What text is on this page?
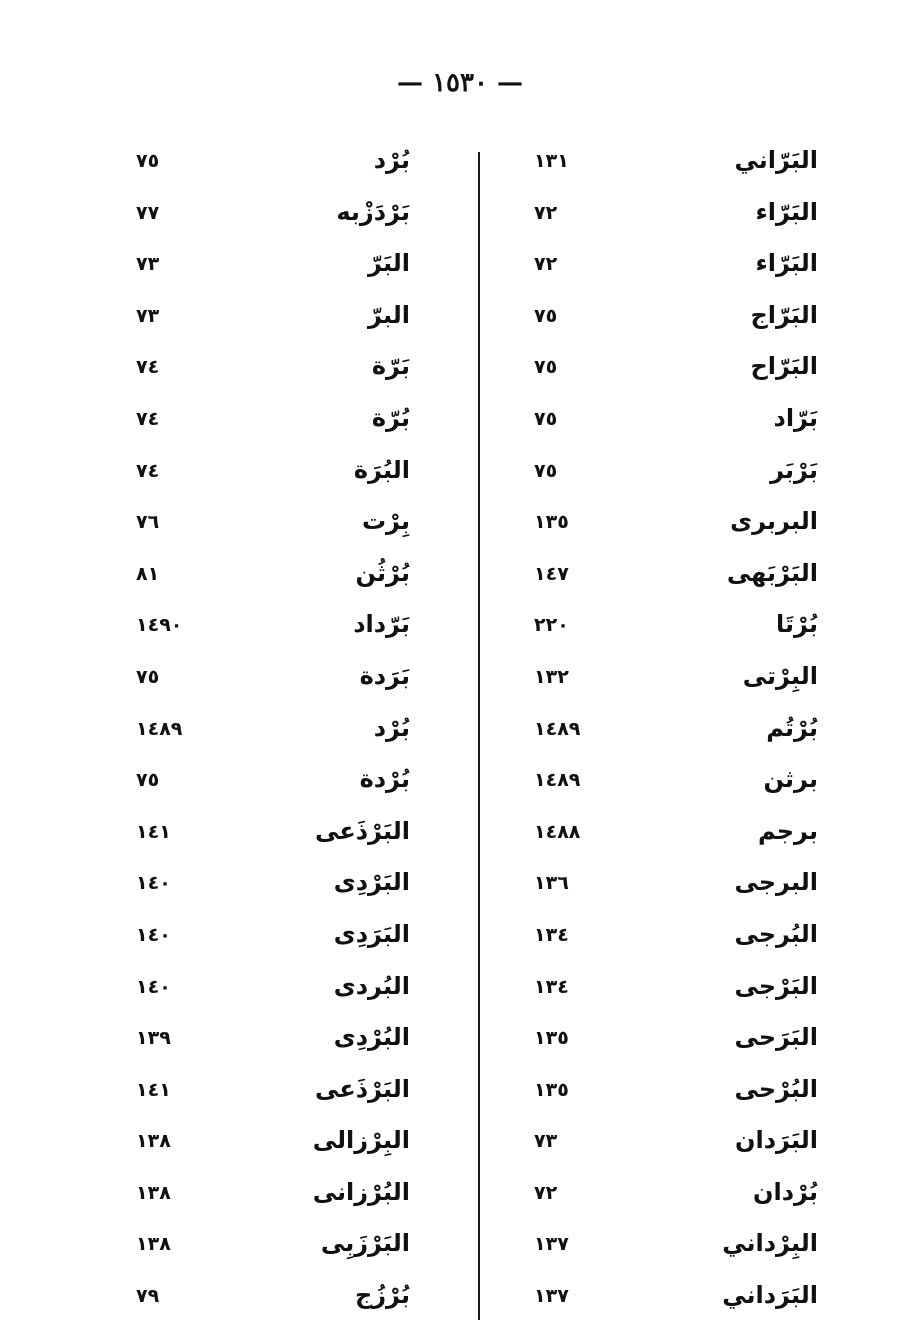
— ١٥٣٠ —
البَرّاني
١٣١
البَرّاء
٧٢
البَرّاء
٧٢
البَرّاج
٧٥
البَرّاح
٧٥
بَرّاد
٧٥
بَرْبَر
٧٥
البربرى
١٣٥
البَرْبَهى
١٤٧
بُرْتَا
٢٢٠
البِرْتى
١٣٢
بُرْتُم
١٤٨٩
برثن
١٤٨٩
برجم
١٤٨٨
البرجى
١٣٦
البُرجى
١٣٤
البَرْجى
١٣٤
البَرَحى
١٣٥
البُرْحى
١٣٥
البَرَدان
٧٣
بُرْدان
٧٢
البِرْداني
١٣٧
البَرَداني
١٣٧
بُرْد
٧٥
بَرْدَزْبه
٧٧
البَرّ
٧٣
البرّ
٧٣
بَرّة
٧٤
بُرّة
٧٤
البُرَة
٧٤
بِرْت
٧٦
بُرْثُن
٨١
بَرّداد
١٤٩٠
بَرَدة
٧٥
بُرْد
١٤٨٩
بُرْدة
٧٥
البَرْذَعى
١٤١
البَرْدِى
١٤٠
البَرَدِى
١٤٠
البُردى
١٤٠
البُرْدِى
١٣٩
البَرْذَعى
١٤١
البِرْزالى
١٣٨
البُرْزانى
١٣٨
البَرْزَبِى
١٣٨
بُرْزُج
٧٩
